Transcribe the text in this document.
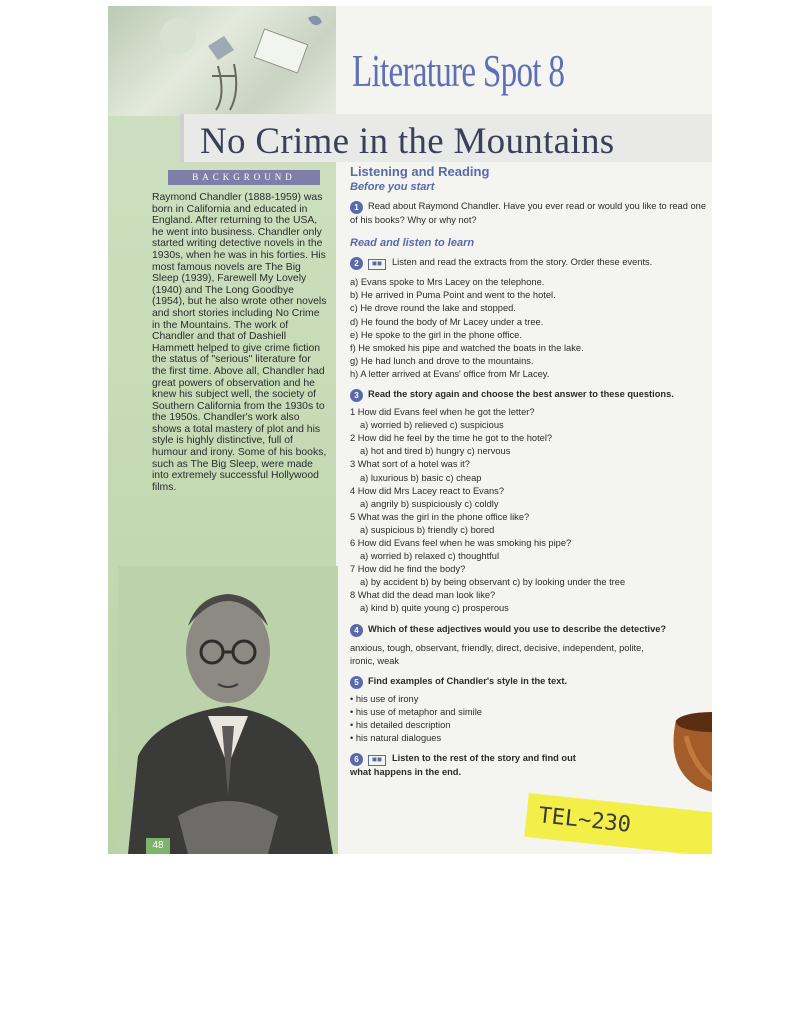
Literature Spot 8
No Crime in the Mountains
BACKGROUND
Raymond Chandler (1888-1959) was born in California and educated in England. After returning to the USA, he went into business. Chandler only started writing detective novels in the 1930s, when he was in his forties. His most famous novels are The Big Sleep (1939), Farewell My Lovely (1940) and The Long Goodbye (1954), but he also wrote other novels and short stories including No Crime in the Mountains. The work of Chandler and that of Dashiell Hammett helped to give crime fiction the status of "serious" literature for the first time. Above all, Chandler had great powers of observation and he knew his subject well, the society of Southern California from the 1930s to the 1950s. Chandler's work also shows a total mastery of plot and his style is highly distinctive, full of humour and irony. Some of his books, such as The Big Sleep, were made into extremely successful Hollywood films.
48
Listening and Reading
Before you start
1 Read about Raymond Chandler. Have you ever read or would you like to read one of his books? Why or why not?
Read and listen to learn
2 ◼◼ Listen and read the extracts from the story. Order these events.
a) Evans spoke to Mrs Lacey on the telephone.
b) He arrived in Puma Point and went to the hotel.
c) He drove round the lake and stopped.
d) He found the body of Mr Lacey under a tree.
e) He spoke to the girl in the phone office.
f) He smoked his pipe and watched the boats in the lake.
g) He had lunch and drove to the mountains.
h) A letter arrived at Evans' office from Mr Lacey.
3 Read the story again and choose the best answer to these questions.
1 How did Evans feel when he got the letter?
a) worried b) relieved c) suspicious
2 How did he feel by the time he got to the hotel?
a) hot and tired b) hungry c) nervous
3 What sort of a hotel was it?
a) luxurious b) basic c) cheap
4 How did Mrs Lacey react to Evans?
a) angrily b) suspiciously c) coldly
5 What was the girl in the phone office like?
a) suspicious b) friendly c) bored
6 How did Evans feel when he was smoking his pipe?
a) worried b) relaxed c) thoughtful
7 How did he find the body?
a) by accident b) by being observant c) by looking under the tree
8 What did the dead man look like?
a) kind b) quite young c) prosperous
4 Which of these adjectives would you use to describe the detective?
anxious, tough, observant, friendly, direct, decisive, independent, polite, ironic, weak
5 Find examples of Chandler's style in the text.
• his use of irony
• his use of metaphor and simile
• his detailed description
• his natural dialogues
6 ◼◼ Listen to the rest of the story and find out what happens in the end.
TEL~230
